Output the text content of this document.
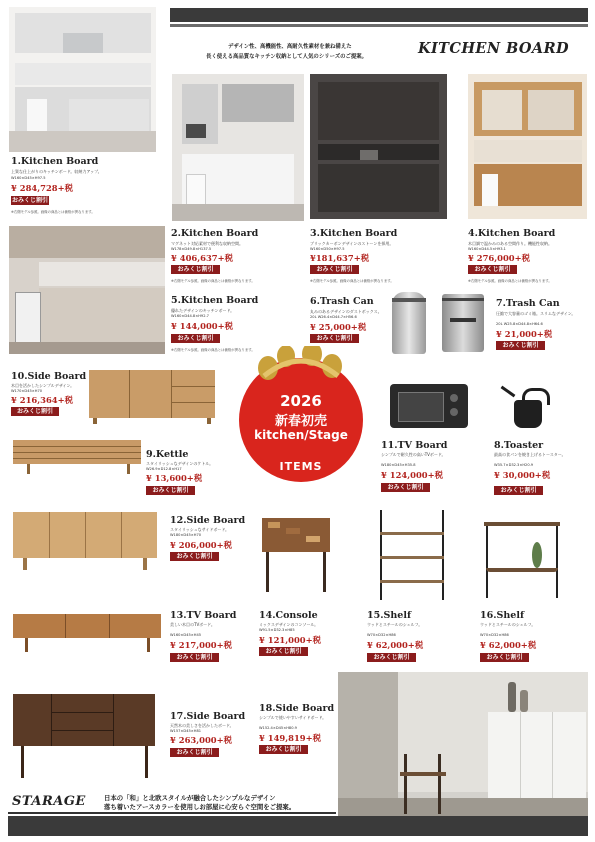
デザイン性、高機能性、高耐久性素材を兼ね備えた
長く使える高品質なキッチン収納として人気のシリーズのご提案。	KITCHEN BOARD
1.Kitchen Board
上質な仕上がりのキッチンボード。収納力アップ。
W160×D45×H97.5
¥ 284,728+税
おみくじ割引
※右側モデル参照。画像の商品とは価格が異なります。
2.Kitchen Board
マグネット対応素材で便利な収納空間。
W178×D49.8×H137.5
¥ 406,637+税
おみくじ割引
※右側モデル参照。画像の商品とは価格が異なります。
3.Kitchen Board
ブリックカーボンデザインのストーンを採用。
W160×D50×H97.5
¥181,637+税
おみくじ割引
※右側モデル参照。画像の商品とは価格が異なります。
4.Kitchen Board
木目調で温かみのある空間作り。機能性収納。
W160×D44.5×H93.1
¥ 276,000+税
おみくじ割引
※右側モデル参照。画像の商品とは価格が異なります。
5.Kitchen Board
優れたデザインのキッチンボード。
W160×D44.8×H92.7
¥ 144,000+税
おみくじ割引
※右側モデル参照。画像の商品とは価格が異なります。
6.Trash Can
丸みのあるデザインのダストボックス。
20L W26.4×D44.7×H56.6
¥ 25,000+税
おみくじ割引
7.Trash Can
圧縮で大容量のゴミ箱。スリムなデザイン。
20L W25.8×D44.8×H64.6
¥ 21,000+税
おみくじ割引
10.Side Board
木目を活かしたシンプルデザイン。
W170×D45×H70
¥ 216,364+税
おみくじ割引
2026
新春初売
kitchen/Stage
ITEMS
11.TV Board
シンプルで耐久性の高いTVボード。
W180×D45×H35.8
¥ 124,000+税
おみくじ割引
8.Toaster
最高の食パンを焼き上げるトースター。
W35.7×D32.3×H20.9
¥ 30,000+税
おみくじ割引
9.Kettle
スタイリッシュなデザインのケトル。
W26.9×D12.8×H17
¥ 13,600+税
おみくじ割引
12.Side Board
スタイリッシュなサイドボード。
W180×D45×H70
¥ 206,000+税
おみくじ割引
13.TV Board
美しい木目のTVボード。
W160×D45×H45
¥ 217,000+税
おみくじ割引
14.Console
ミックスデザインのコンソール。
W91.5×D32.3×H85
¥ 121,000+税
おみくじ割引
15.Shelf
ウッドとスチールのシェルフ。
W70×D32×H86
¥ 62,000+税
おみくじ割引
16.Shelf
ウッドとスチールのシェルフ。
W70×D32×H86
¥ 62,000+税
おみくじ割引
17.Side Board
天然木の美しさを活かしたボード。
W157×D45×H81
¥ 263,000+税
おみくじ割引
18.Side Board
シンプルで使いやすいサイドボード。
W152.4×D45×H80.9
¥ 149,819+税
おみくじ割引
STARAGE	日本の「和」と北欧スタイルが融合したシンプルなデザイン
落ち着いたアースカラーを使用しお部屋に心安らぐ空間をご提案。
